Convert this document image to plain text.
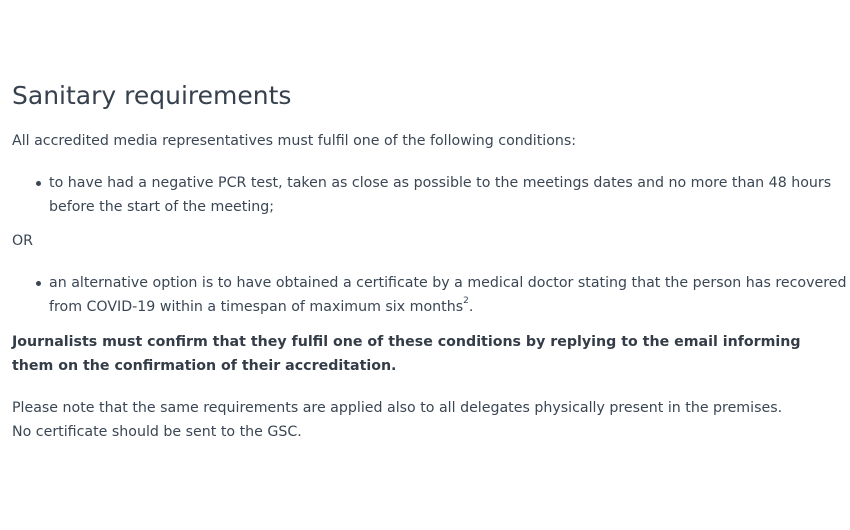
Sanitary requirements

All accredited media representatives must fulfil one of the following conditions:

to have had a negative PCR test, taken as close as possible to the meetings dates and no more than 48 hours before the start of the meeting;

OR

an alternative option is to have obtained a certificate by a medical doctor stating that the person has recovered from COVID-19 within a timespan of maximum six months$^2$.

Journalists must confirm that they fulfil one of these conditions by replying to the email informing them on the confirmation of their accreditation.

Please note that the same requirements are applied also to all delegates physically present in the premises.

No certificate should be sent to the GSC.
